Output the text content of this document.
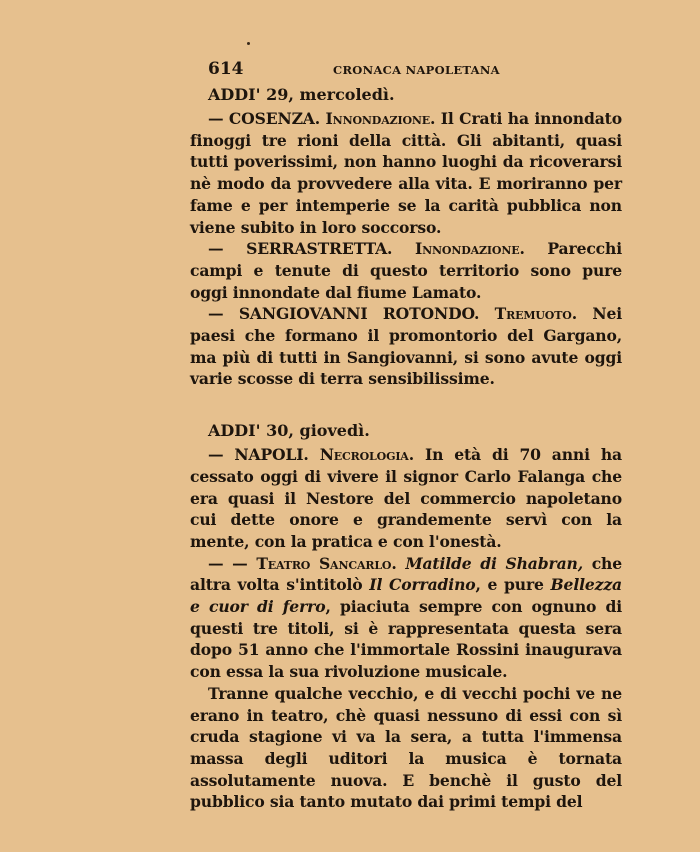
614	CRONACA NAPOLETANA
ADDI' 29, mercoledì.

— COSENZA. Innondazione. Il Crati ha innondato finoggi tre rioni della città. Gli abitanti, quasi tutti poverissimi, non hanno luoghi da ricoverarsi nè modo da provvedere alla vita. E moriranno per fame e per intemperie se la carità pubblica non viene subito in loro soccorso.

— SERRASTRETTA. Innondazione. Parecchi campi e tenute di questo territorio sono pure oggi innondate dal fiume Lamato.

— SANGIOVANNI ROTONDO. Tremuoto. Nei paesi che formano il promontorio del Gargano, ma più di tutti in Sangiovanni, si sono avute oggi varie scosse di terra sensibilissime.

ADDI' 30, giovedì.

— NAPOLI. Necrologia. In età di 70 anni ha cessato oggi di vivere il signor Carlo Falanga che era quasi il Nestore del commercio napoletano cui dette onore e grandemente servì con la mente, con la pratica e con l'onestà.

— — Teatro Sancarlo. Matilde di Shabran, che altra volta s'intitolò Il Corradino, e pure Bellezza e cuor di ferro, piaciuta sempre con ognuno di questi tre titoli, si è rappresentata questa sera dopo 51 anno che l'immortale Rossini inaugurava con essa la sua rivoluzione musicale.

Tranne qualche vecchio, e di vecchi pochi ve ne erano in teatro, chè quasi nessuno di essi con sì cruda stagione vi va la sera, a tutta l'immensa massa degli uditori la musica è tornata assolutamente nuova. E benchè il gusto del pubblico sia tanto mutato dai primi tempi del
